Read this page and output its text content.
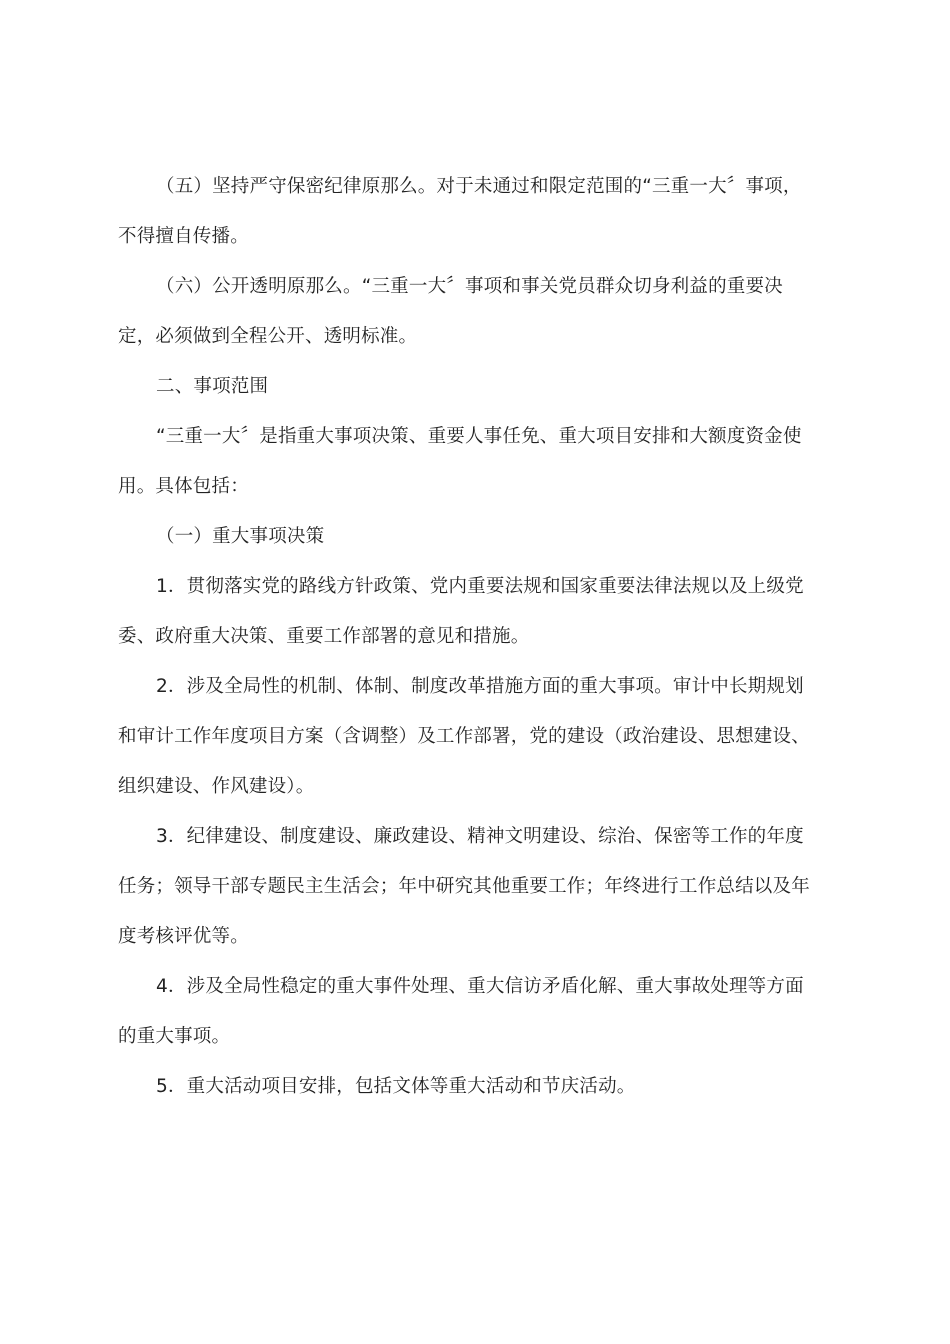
（五）坚持严守保密纪律原那么。对于未通过和限定范围的“三重一大〞事项，
不得擅自传播。
（六）公开透明原那么。“三重一大〞事项和事关党员群众切身利益的重要决
定，必须做到全程公开、透明标准。
二、事项范围
“三重一大〞是指重大事项决策、重要人事任免、重大项目安排和大额度资金使
用。具体包括：
（一）重大事项决策
1．贯彻落实党的路线方针政策、党内重要法规和国家重要法律法规以及上级党
委、政府重大决策、重要工作部署的意见和措施。
2．涉及全局性的机制、体制、制度改革措施方面的重大事项。审计中长期规划
和审计工作年度项目方案（含调整）及工作部署，党的建设（政治建设、思想建设、
组织建设、作风建设）。
3．纪律建设、制度建设、廉政建设、精神文明建设、综治、保密等工作的年度
任务；领导干部专题民主生活会；年中研究其他重要工作；年终进行工作总结以及年
度考核评优等。
4．涉及全局性稳定的重大事件处理、重大信访矛盾化解、重大事故处理等方面
的重大事项。
5．重大活动项目安排，包括文体等重大活动和节庆活动。
